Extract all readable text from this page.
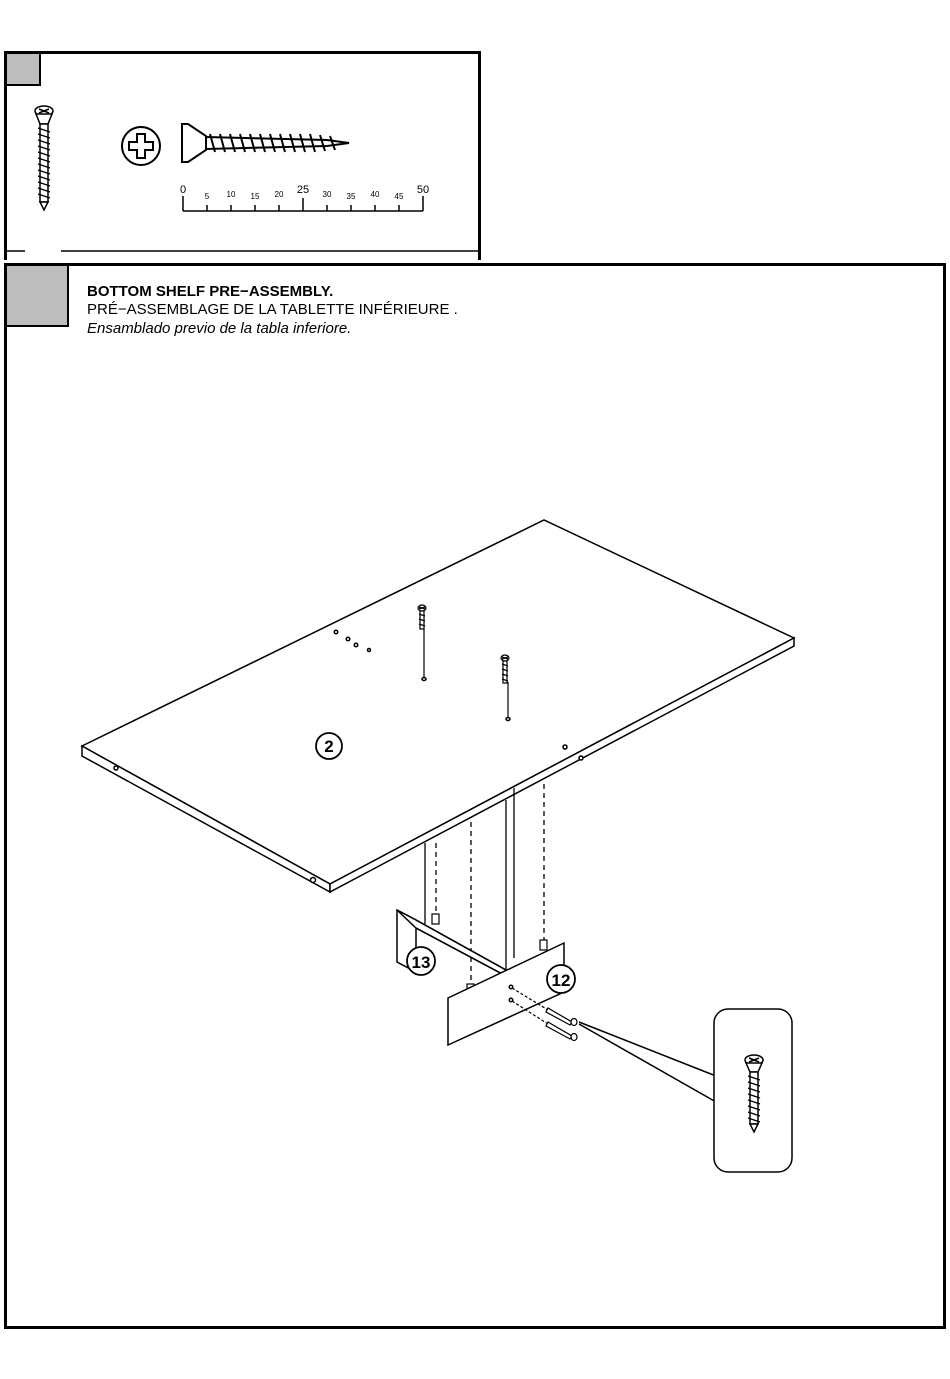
0
5 10 15 20 25 30 35 40 45
50
BOTTOM SHELF PRE−ASSEMBLY.
PRÉ−ASSEMBLAGE DE LA TABLETTE INFÉRIEURE .
Ensamblado previo de la tabla inferiore.
2
13
12
